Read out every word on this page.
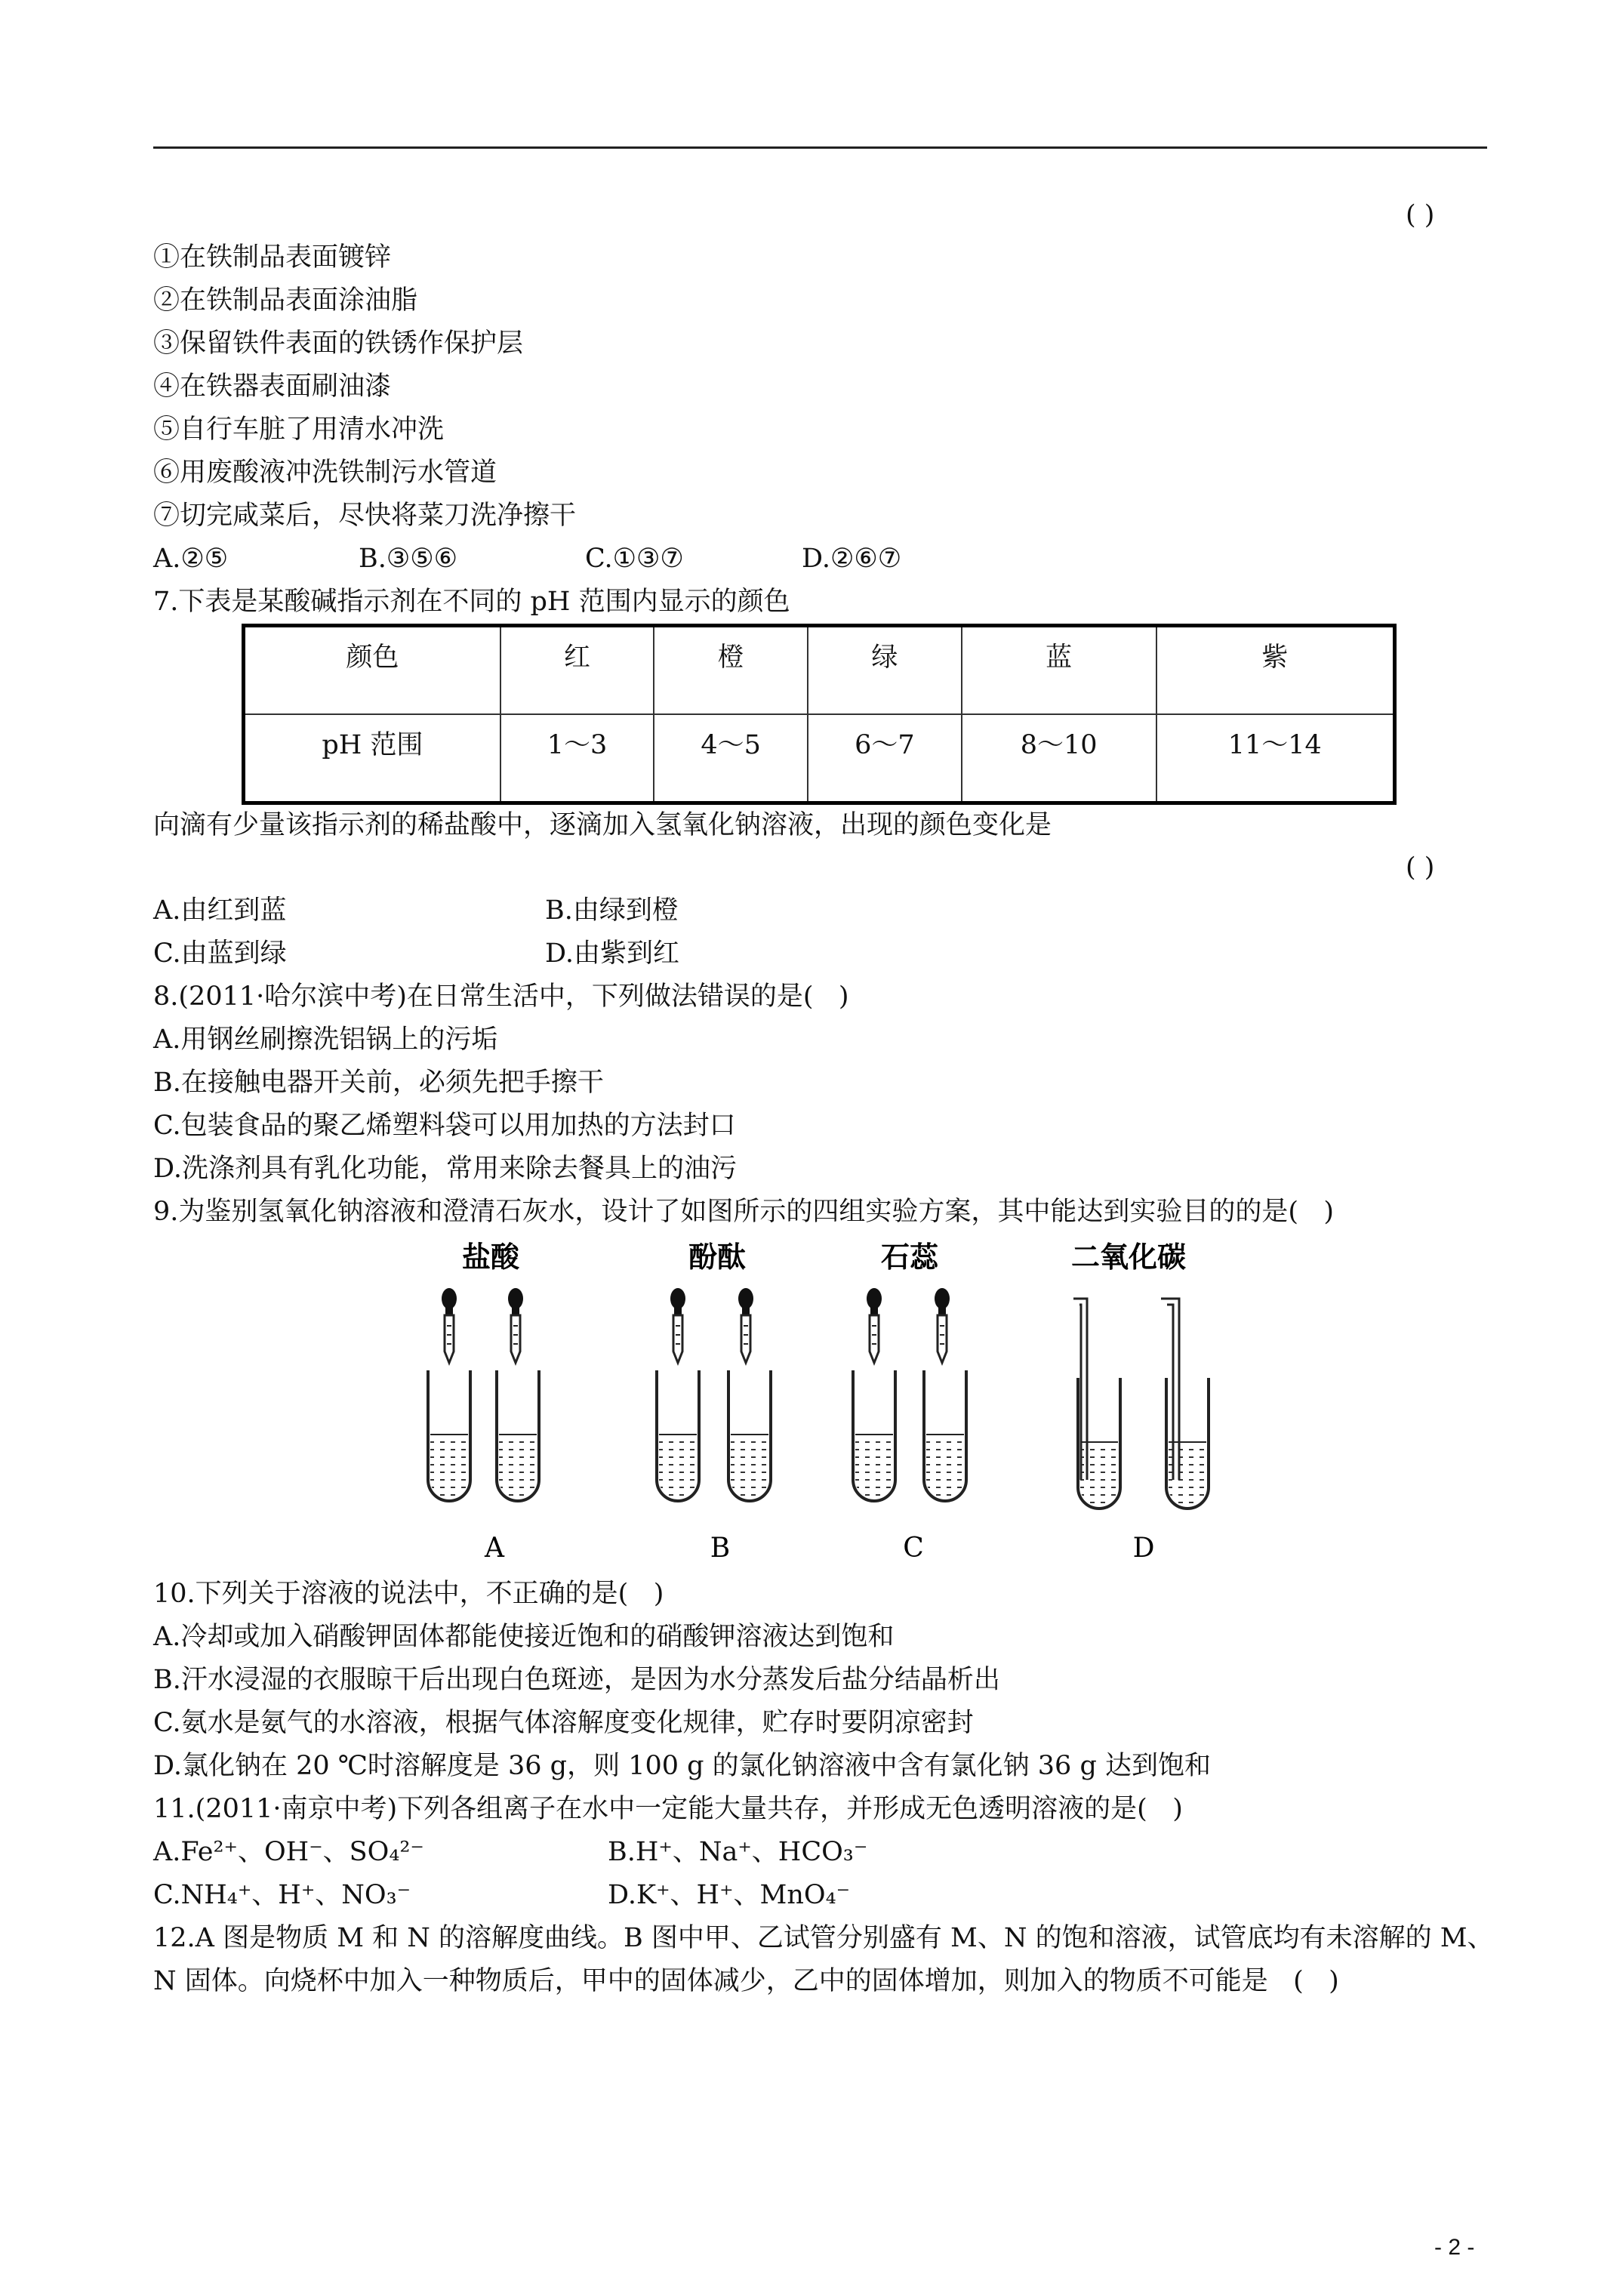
( )
①在铁制品表面镀锌
②在铁制品表面涂油脂
③保留铁件表面的铁锈作保护层
④在铁器表面刷油漆
⑤自行车脏了用清水冲洗
⑥用废酸液冲洗铁制污水管道
⑦切完咸菜后，尽快将菜刀洗净擦干
A.②⑤	B.③⑤⑥	C.①③⑦	D.②⑥⑦
7.下表是某酸碱指示剂在不同的 pH 范围内显示的颜色
颜色	红	橙	绿	蓝	紫
pH 范围	1～3	4～5	6～7	8～10	11～14
向滴有少量该指示剂的稀盐酸中，逐滴加入氢氧化钠溶液，出现的颜色变化是
( )
A.由红到蓝	B.由绿到橙
C.由蓝到绿	D.由紫到红
8.(2011·哈尔滨中考)在日常生活中，下列做法错误的是(   )
A.用钢丝刷擦洗铝锅上的污垢
B.在接触电器开关前，必须先把手擦干
C.包装食品的聚乙烯塑料袋可以用加热的方法封口
D.洗涤剂具有乳化功能，常用来除去餐具上的油污
9.为鉴别氢氧化钠溶液和澄清石灰水，设计了如图所示的四组实验方案，其中能达到实验目的的是(   )
盐酸	酚酞	石蕊	二氧化碳
A	B	C	D
10.下列关于溶液的说法中，不正确的是(   )
A.冷却或加入硝酸钾固体都能使接近饱和的硝酸钾溶液达到饱和
B.汗水浸湿的衣服晾干后出现白色斑迹，是因为水分蒸发后盐分结晶析出
C.氨水是氨气的水溶液，根据气体溶解度变化规律，贮存时要阴凉密封
D.氯化钠在 20 ℃时溶解度是 36 g，则 100 g 的氯化钠溶液中含有氯化钠 36 g 达到饱和
11.(2011·南京中考)下列各组离子在水中一定能大量共存，并形成无色透明溶液的是(   )
A.Fe²⁺、OH⁻、SO₄²⁻	B.H⁺、Na⁺、HCO₃⁻
C.NH₄⁺、H⁺、NO₃⁻	D.K⁺、H⁺、MnO₄⁻
12.A 图是物质 M 和 N 的溶解度曲线。B 图中甲、乙试管分别盛有 M、N 的饱和溶液，试管底均有未溶解的 M、
N 固体。向烧杯中加入一种物质后，甲中的固体减少，乙中的固体增加，则加入的物质不可能是   (   )
- 2 -
